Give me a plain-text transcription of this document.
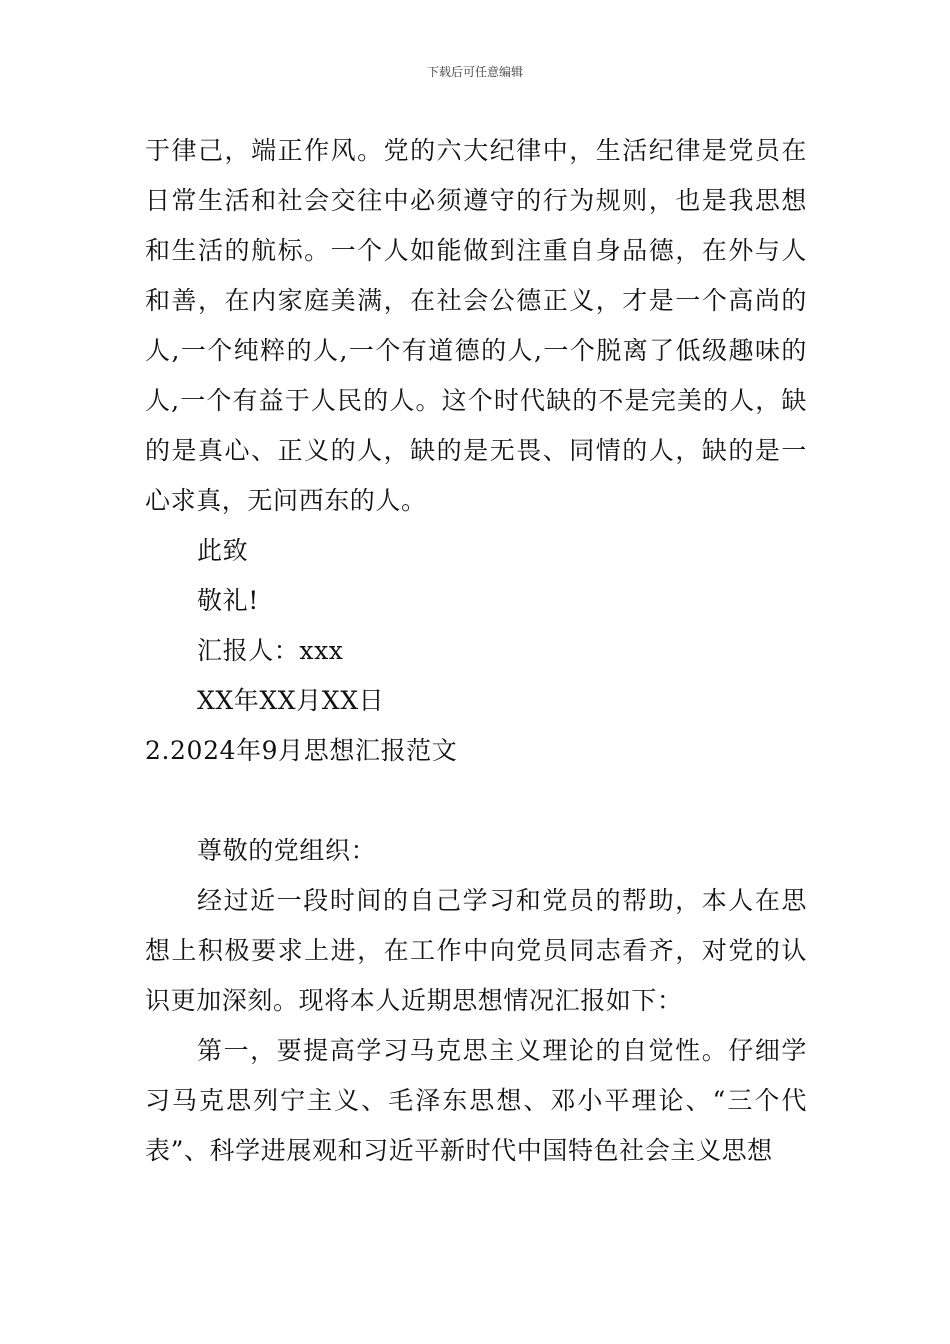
下载后可任意编辑

于律己，端正作风。党的六大纪律中，生活纪律是党员在日常生活和社会交往中必须遵守的行为规则，也是我思想和生活的航标。一个人如能做到注重自身品德，在外与人和善，在内家庭美满，在社会公德正义，才是一个高尚的人,一个纯粹的人,一个有道德的人,一个脱离了低级趣味的人,一个有益于人民的人。这个时代缺的不是完美的人，缺的是真心、正义的人，缺的是无畏、同情的人，缺的是一心求真，无问西东的人。

此致

敬礼!

汇报人：xxx

XX年XX月XX日

2.2024年9月思想汇报范文

尊敬的党组织：

经过近一段时间的自己学习和党员的帮助，本人在思想上积极要求上进，在工作中向党员同志看齐，对党的认识更加深刻。现将本人近期思想情况汇报如下：

第一，要提高学习马克思主义理论的自觉性。仔细学习马克思列宁主义、毛泽东思想、邓小平理论、“三个代表”、科学进展观和习近平新时代中国特色社会主义思想
